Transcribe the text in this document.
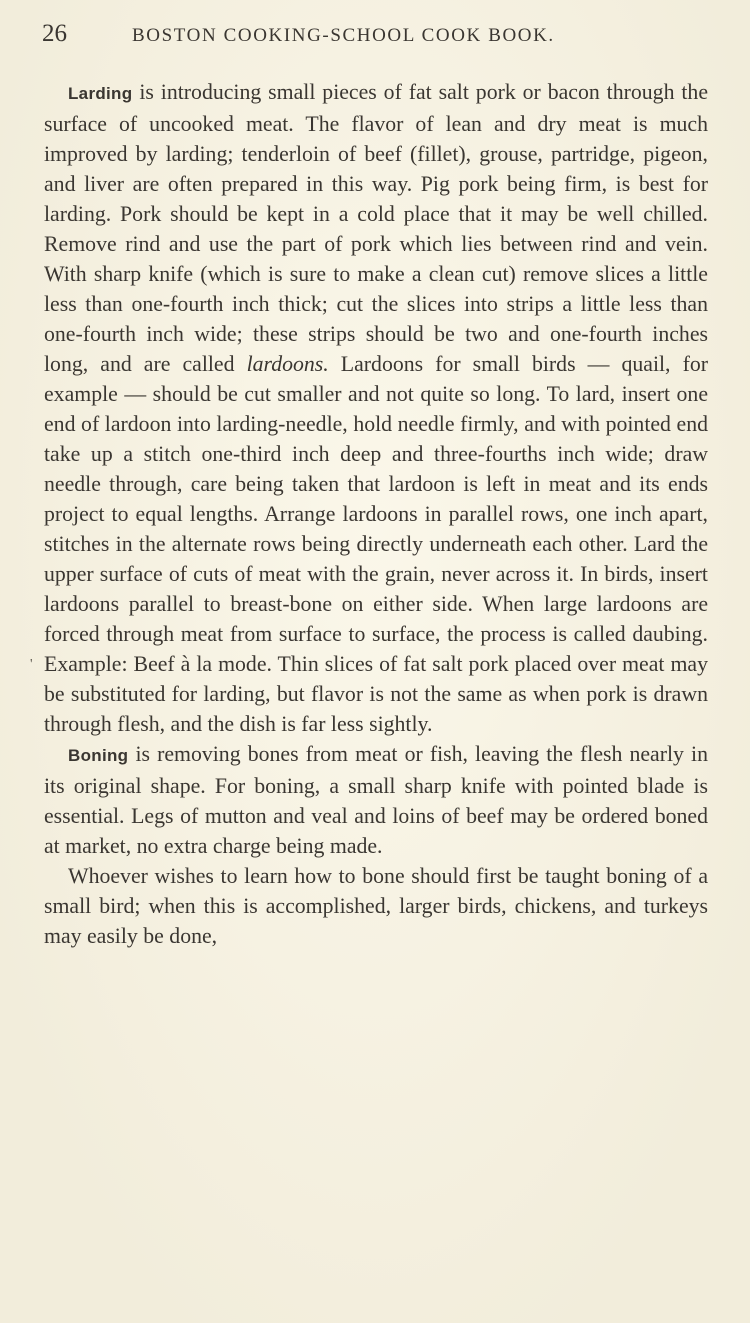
26	BOSTON COOKING-SCHOOL COOK BOOK.
'

Larding is introducing small pieces of fat salt pork or bacon through the surface of uncooked meat. The flavor of lean and dry meat is much improved by larding; tenderloin of beef (fillet), grouse, partridge, pigeon, and liver are often prepared in this way. Pig pork being firm, is best for larding. Pork should be kept in a cold place that it may be well chilled. Remove rind and use the part of pork which lies between rind and vein. With sharp knife (which is sure to make a clean cut) remove slices a little less than one-fourth inch thick; cut the slices into strips a little less than one-fourth inch wide; these strips should be two and one-fourth inches long, and are called lardoons. Lardoons for small birds — quail, for example — should be cut smaller and not quite so long. To lard, insert one end of lardoon into larding-needle, hold needle firmly, and with pointed end take up a stitch one-third inch deep and three-fourths inch wide; draw needle through, care being taken that lardoon is left in meat and its ends project to equal lengths. Arrange lardoons in parallel rows, one inch apart, stitches in the alternate rows being directly underneath each other. Lard the upper surface of cuts of meat with the grain, never across it. In birds, insert lardoons parallel to breast-bone on either side. When large lardoons are forced through meat from surface to surface, the process is called daubing. Example: Beef à la mode. Thin slices of fat salt pork placed over meat may be substituted for larding, but flavor is not the same as when pork is drawn through flesh, and the dish is far less sightly.

Boning is removing bones from meat or fish, leaving the flesh nearly in its original shape. For boning, a small sharp knife with pointed blade is essential. Legs of mutton and veal and loins of beef may be ordered boned at market, no extra charge being made.

Whoever wishes to learn how to bone should first be taught boning of a small bird; when this is accomplished, larger birds, chickens, and turkeys may easily be done,
